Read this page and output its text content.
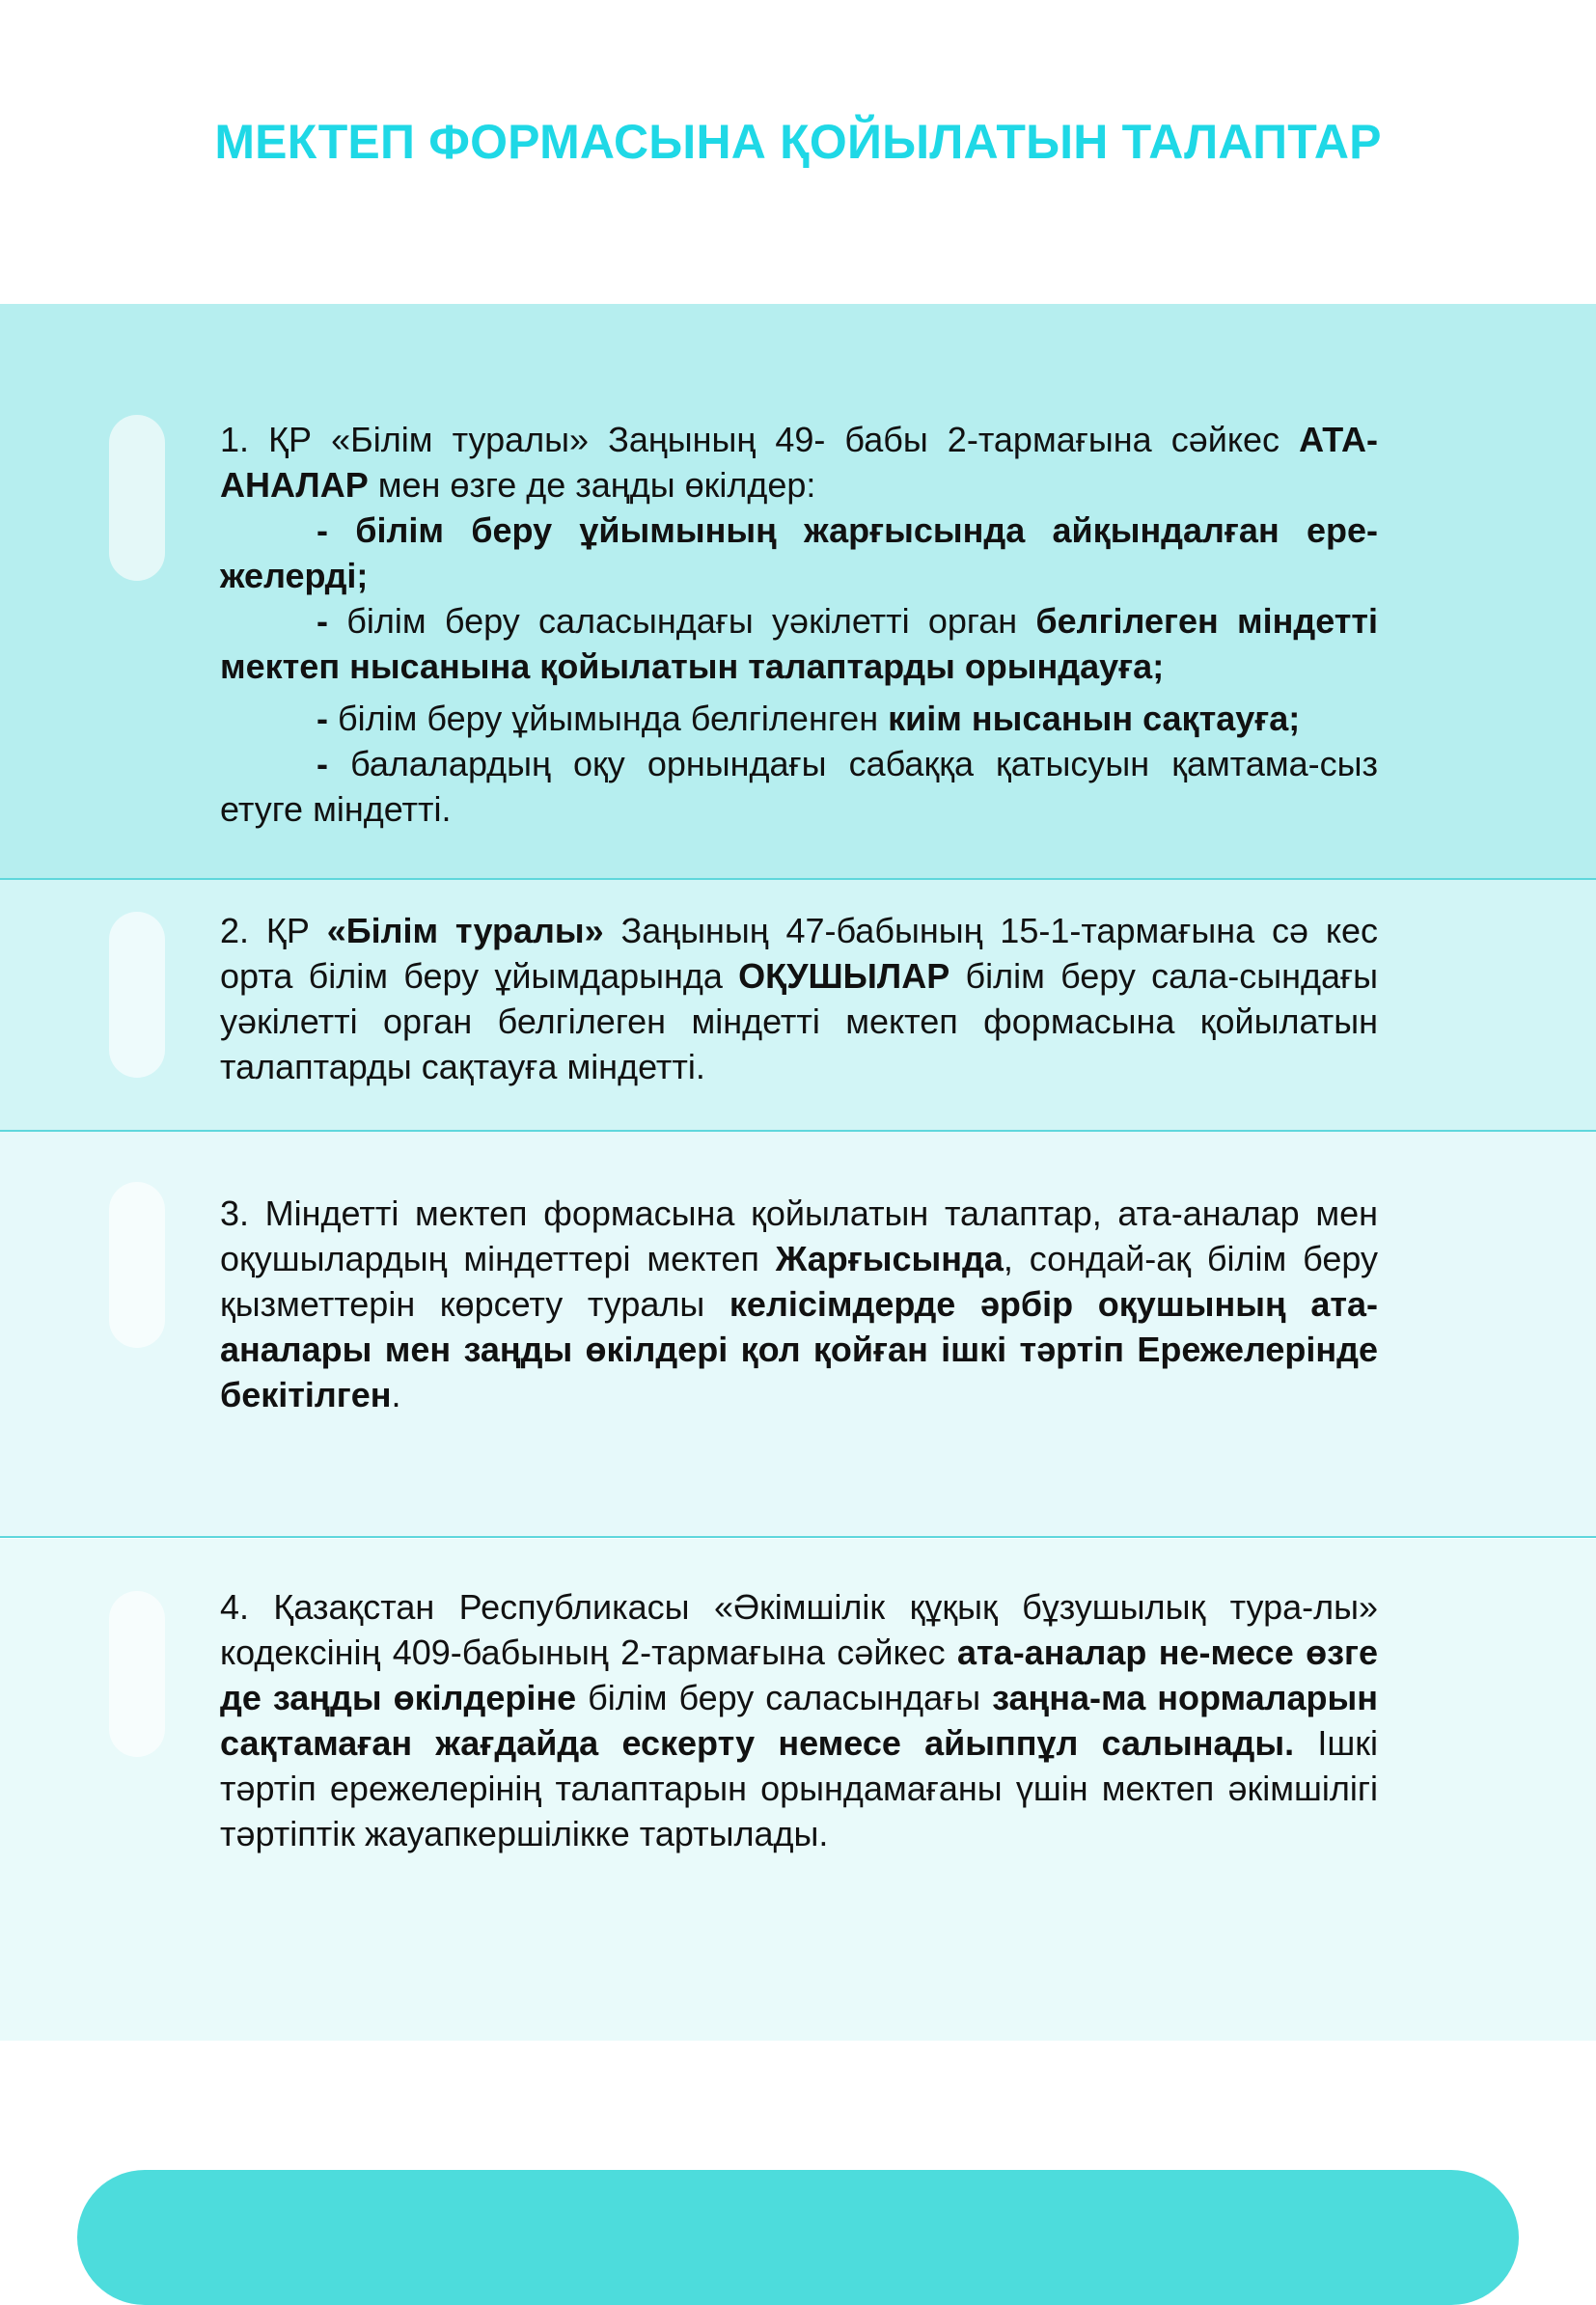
МЕКТЕП ФОРМАСЫНА ҚОЙЫЛАТЫН ТАЛАПТАР

1. ҚР «Білім туралы» Заңының 49- бабы 2-тармағына сәйкес АТА-АНАЛАР мен өзге де заңды өкілдер:

- білім беру ұйымының жарғысында айқындалған ере-желерді;

- білім беру саласындағы уәкілетті орган белгілеген міндетті мектеп нысанына қойылатын талаптарды орындауға;

- білім беру ұйымында белгіленген киім нысанын сақтауға;

- балалардың оқу орнындағы сабаққа қатысуын қамтама-сыз етуге міндетті.

2. ҚР «Білім туралы» Заңының 47-бабының 15-1-тармағына сә кес орта білім беру ұйымдарында ОҚУШЫЛАР білім беру сала-сындағы уәкілетті орган белгілеген міндетті мектеп формасына қойылатын талаптарды сақтауға міндетті.

3. Міндетті мектеп формасына қойылатын талаптар, ата-аналар мен оқушылардың міндеттері мектеп Жарғысында, сондай-ақ білім беру қызметтерін көрсету туралы келісімдерде әрбір оқушының ата-аналары мен заңды өкілдері қол қойған ішкі тәртіп Ережелерінде бекітілген.

4. Қазақстан Республикасы «Әкімшілік құқық бұзушылық тура-лы» кодексінің 409-бабының 2-тармағына сәйкес ата-аналар не-месе өзге де заңды өкілдеріне білім беру саласындағы заңна-ма нормаларын сақтамаған жағдайда ескерту немесе айыппұл салынады. Ішкі тәртіп ережелерінің талаптарын орындамағаны үшін мектеп әкімшілігі тәртіптік жауапкершілікке тартылады.
